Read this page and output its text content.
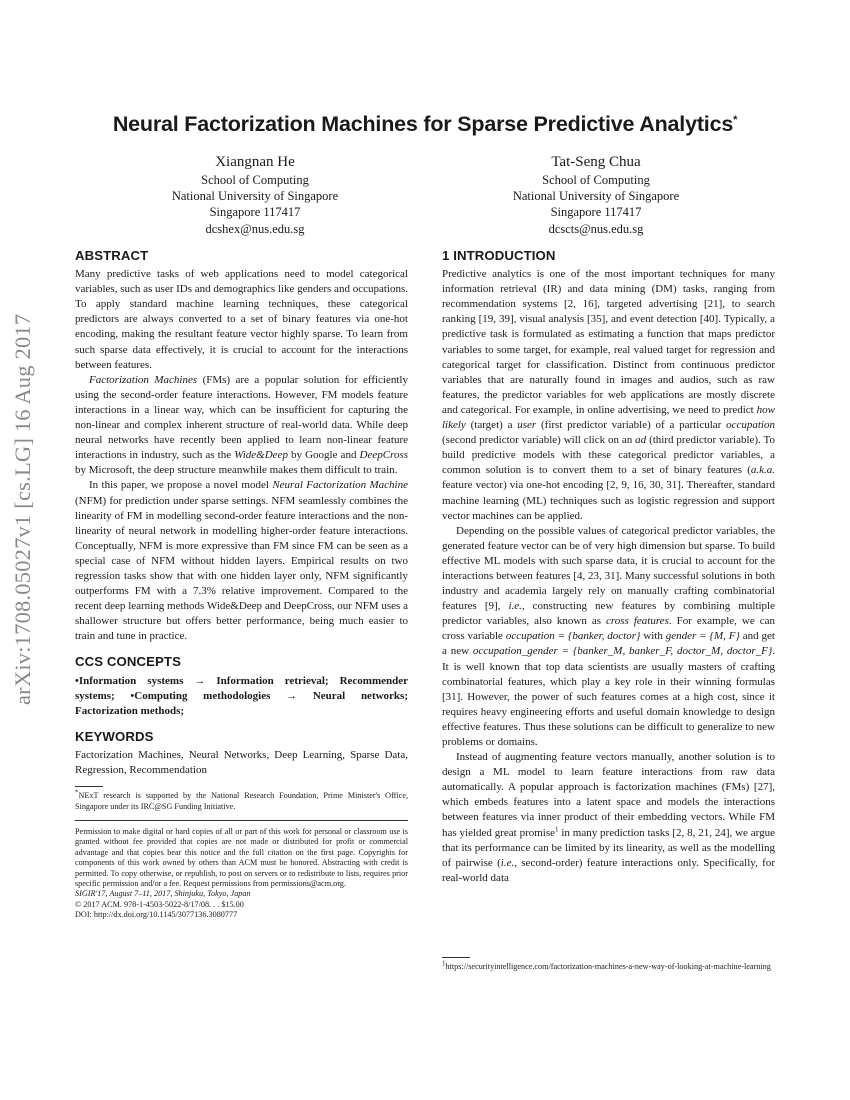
arXiv:1708.05027v1 [cs.LG] 16 Aug 2017
Neural Factorization Machines for Sparse Predictive Analytics*
Xiangnan He
School of Computing
National University of Singapore
Singapore 117417
dcshex@nus.edu.sg
Tat-Seng Chua
School of Computing
National University of Singapore
Singapore 117417
dcscts@nus.edu.sg
ABSTRACT

Many predictive tasks of web applications need to model categorical variables, such as user IDs and demographics like genders and occupations. To apply standard machine learning techniques, these categorical predictors are always converted to a set of binary features via one-hot encoding, making the resultant feature vector highly sparse. To learn from such sparse data effectively, it is crucial to account for the interactions between features.

Factorization Machines (FMs) are a popular solution for efficiently using the second-order feature interactions. However, FM models feature interactions in a linear way, which can be insufficient for capturing the non-linear and complex inherent structure of real-world data. While deep neural networks have recently been applied to learn non-linear feature interactions in industry, such as the Wide&Deep by Google and DeepCross by Microsoft, the deep structure meanwhile makes them difficult to train.

In this paper, we propose a novel model Neural Factorization Machine (NFM) for prediction under sparse settings. NFM seamlessly combines the linearity of FM in modelling second-order feature interactions and the non-linearity of neural network in modelling higher-order feature interactions. Conceptually, NFM is more expressive than FM since FM can be seen as a special case of NFM without hidden layers. Empirical results on two regression tasks show that with one hidden layer only, NFM significantly outperforms FM with a 7.3% relative improvement. Compared to the recent deep learning methods Wide&Deep and DeepCross, our NFM uses a shallower structure but offers better performance, being much easier to train and tune in practice.

CCS CONCEPTS

•Information systems → Information retrieval; Recommender systems; •Computing methodologies → Neural networks; Factorization methods;

KEYWORDS

Factorization Machines, Neural Networks, Deep Learning, Sparse Data, Regression, Recommendation

*NExT research is supported by the National Research Foundation, Prime Minister's Office, Singapore under its IRC@SG Funding Initiative.

Permission to make digital or hard copies of all or part of this work for personal or classroom use is granted without fee provided that copies are not made or distributed for profit or commercial advantage and that copies bear this notice and the full citation on the first page. Copyrights for components of this work owned by others than ACM must be honored. Abstracting with credit is permitted. To copy otherwise, or republish, to post on servers or to redistribute to lists, requires prior specific permission and/or a fee. Request permissions from permissions@acm.org.

SIGIR'17, August 7–11, 2017, Shinjuku, Tokyo, Japan

© 2017 ACM. 978-1-4503-5022-8/17/08. . . $15.00

DOI: http://dx.doi.org/10.1145/3077136.3080777

1 INTRODUCTION

Predictive analytics is one of the most important techniques for many information retrieval (IR) and data mining (DM) tasks, ranging from recommendation systems [2, 16], targeted advertising [21], to search ranking [19, 39], visual analysis [35], and event detection [40]. Typically, a predictive task is formulated as estimating a function that maps predictor variables to some target, for example, real valued target for regression and categorical target for classification. Distinct from continuous predictor variables that are naturally found in images and audios, such as raw features, the predictor variables for web applications are mostly discrete and categorical. For example, in online advertising, we need to predict how likely (target) a user (first predictor variable) of a particular occupation (second predictor variable) will click on an ad (third predictor variable). To build predictive models with these categorical predictor variables, a common solution is to convert them to a set of binary features (a.k.a. feature vector) via one-hot encoding [2, 9, 16, 30, 31]. Thereafter, standard machine learning (ML) techniques such as logistic regression and support vector machines can be applied.

Depending on the possible values of categorical predictor variables, the generated feature vector can be of very high dimension but sparse. To build effective ML models with such sparse data, it is crucial to account for the interactions between features [4, 23, 31]. Many successful solutions in both industry and academia largely rely on manually crafting combinatorial features [9], i.e., constructing new features by combining multiple predictor variables, also known as cross features. For example, we can cross variable occupation = {banker, doctor} with gender = {M, F} and get a new occupation_gender = {banker_M, banker_F, doctor_M, doctor_F}. It is well known that top data scientists are usually masters of crafting combinatorial features, which play a key role in their winning formulas [31]. However, the power of such features comes at a high cost, since it requires heavy engineering efforts and useful domain knowledge to design effective features. Thus these solutions can be difficult to generalize to new problems or domains.

Instead of augmenting feature vectors manually, another solution is to design a ML model to learn feature interactions from raw data automatically. A popular approach is factorization machines (FMs) [27], which embeds features into a latent space and models the interactions between features via inner product of their embedding vectors. While FM has yielded great promise$^1$ in many prediction tasks [2, 8, 21, 24], we argue that its performance can be limited by its linearity, as well as the modelling of pairwise (i.e., second-order) feature interactions only. Specifically, for real-world data

$^1$https://securityintelligence.com/factorization-machines-a-new-way-of-looking-at-machine-learning
